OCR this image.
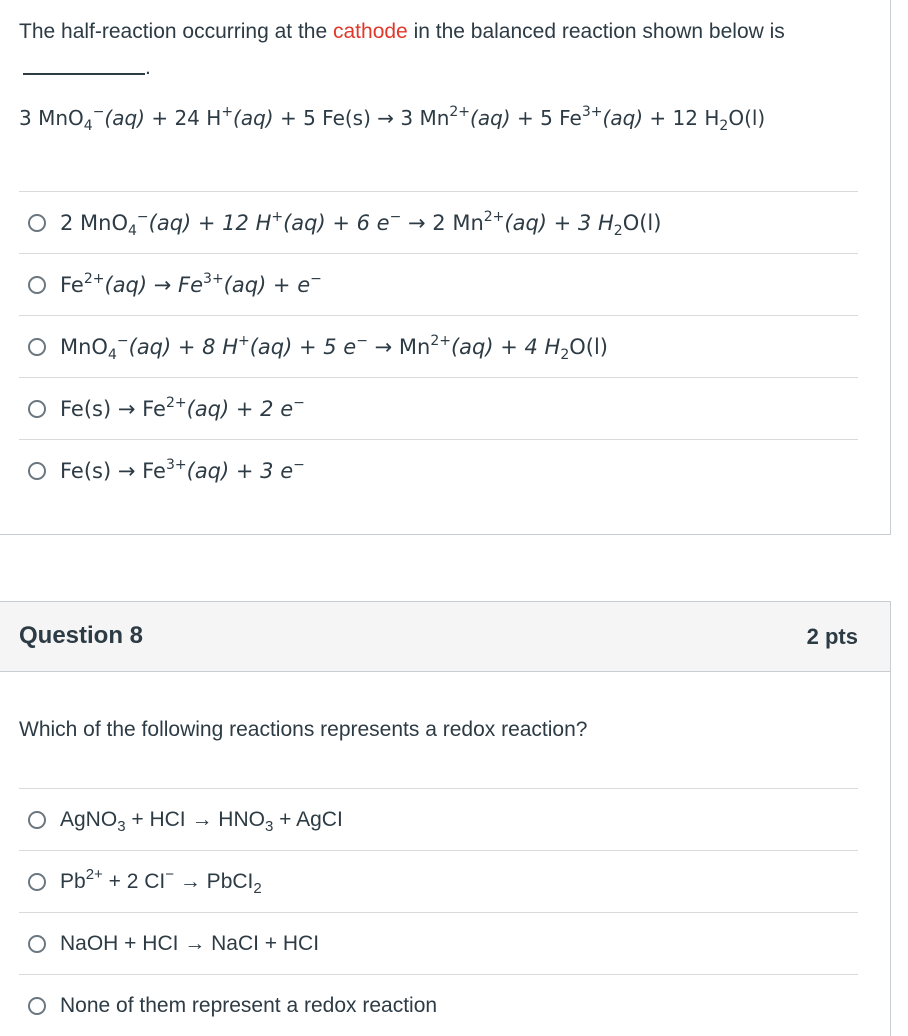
The half-reaction occurring at the cathode in the balanced reaction shown below is .
3 MnO$_4$−(aq) + 24 H+(aq) + 5 Fe(s) → 3 $Mn^{2+}(aq) + 5$ $Fe^{3+}(aq) + 12$ $H_2O(l)$
2 MnO$_4$−(aq) + 12 H+(aq) + 6 e− → 2 $Mn^{2+}(aq) + 3$ $H_2O(l)$
$Fe^{2+}(aq) \to Fe^{3+}(aq) + e^-$
MnO$_4$−(aq) + 8 H+(aq) + 5 $e^- \to Mn^{2+}(aq) + 4$ $H_2O(l)$
$Fe(s) \to Fe^{2+}(aq) + 2$ e−
$Fe(s) \to Fe^{3+}(aq) + 3$ e−
Question 8	2 pts
Which of the following reactions represents a redox reaction?
AgNO$_3$ + HCI → $HNO_3$ + AgCI
$Pb^{2+} + 2$ CI− → PbCI$_2$
NaOH + HCI → NaCI + HCI
None of them represent a redox reaction
